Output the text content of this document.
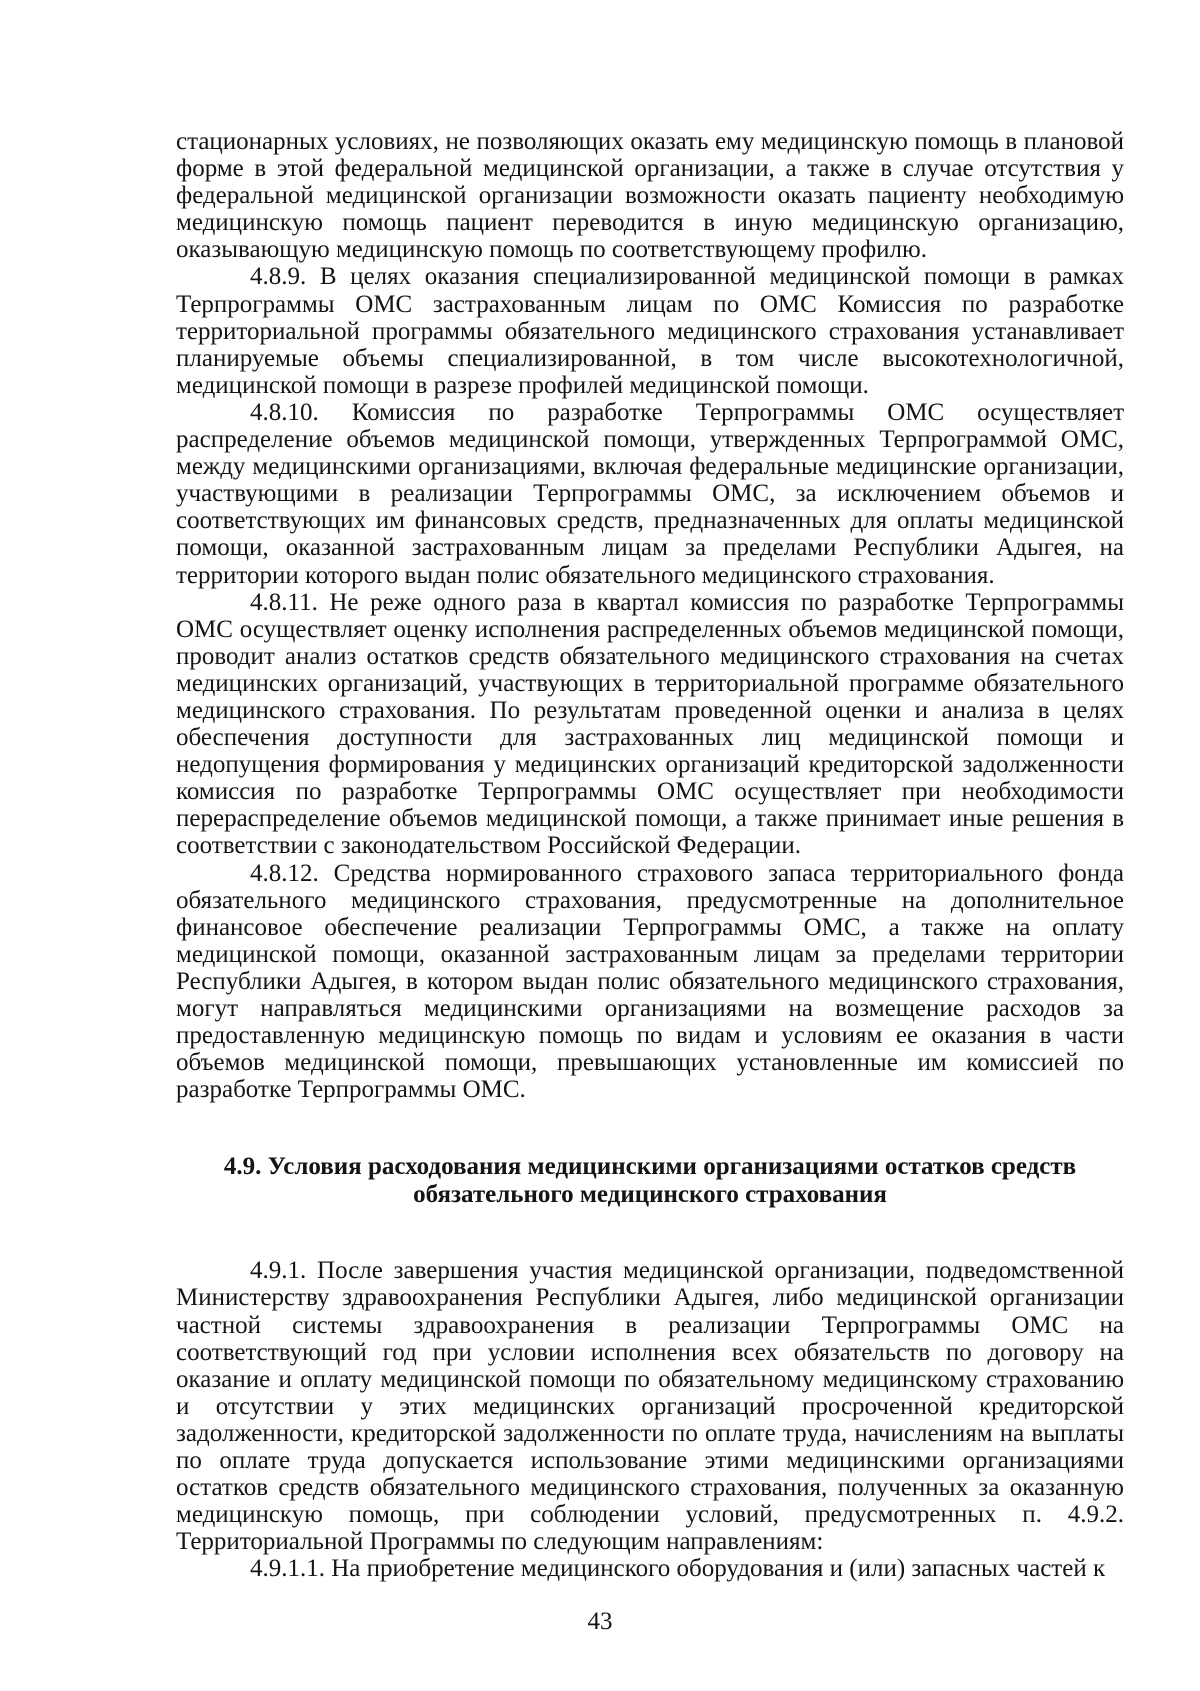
стационарных условиях, не позволяющих оказать ему медицинскую помощь в плановой форме в этой федеральной медицинской организации, а также в случае отсутствия у федеральной медицинской организации возможности оказать пациенту необходимую медицинскую помощь пациент переводится в иную медицинскую организацию, оказывающую медицинскую помощь по соответствующему профилю.

4.8.9. В целях оказания специализированной медицинской помощи в рамках Терпрограммы ОМС застрахованным лицам по ОМС Комиссия по разработке территориальной программы обязательного медицинского страхования устанавливает планируемые объемы специализированной, в том числе высокотехнологичной, медицинской помощи в разрезе профилей медицинской помощи.

4.8.10. Комиссия по разработке Терпрограммы ОМС осуществляет распределение объемов медицинской помощи, утвержденных Терпрограммой ОМС, между медицинскими организациями, включая федеральные медицинские организации, участвующими в реализации Терпрограммы ОМС, за исключением объемов и соответствующих им финансовых средств, предназначенных для оплаты медицинской помощи, оказанной застрахованным лицам за пределами Республики Адыгея, на территории которого выдан полис обязательного медицинского страхования.

4.8.11. Не реже одного раза в квартал комиссия по разработке Терпрограммы ОМС осуществляет оценку исполнения распределенных объемов медицинской помощи, проводит анализ остатков средств обязательного медицинского страхования на счетах медицинских организаций, участвующих в территориальной программе обязательного медицинского страхования. По результатам проведенной оценки и анализа в целях обеспечения доступности для застрахованных лиц медицинской помощи и недопущения формирования у медицинских организаций кредиторской задолженности комиссия по разработке Терпрограммы ОМС осуществляет при необходимости перераспределение объемов медицинской помощи, а также принимает иные решения в соответствии с законодательством Российской Федерации.

4.8.12. Средства нормированного страхового запаса территориального фонда обязательного медицинского страхования, предусмотренные на дополнительное финансовое обеспечение реализации Терпрограммы ОМС, а также на оплату медицинской помощи, оказанной застрахованным лицам за пределами территории Республики Адыгея, в котором выдан полис обязательного медицинского страхования, могут направляться медицинскими организациями на возмещение расходов за предоставленную медицинскую помощь по видам и условиям ее оказания в части объемов медицинской помощи, превышающих установленные им комиссией по разработке Терпрограммы ОМС.

4.9. Условия расходования медицинскими организациями остатков средств
обязательного медицинского страхования

4.9.1. После завершения участия медицинской организации, подведомственной Министерству здравоохранения Республики Адыгея, либо медицинской организации частной системы здравоохранения в реализации Терпрограммы ОМС на соответствующий год при условии исполнения всех обязательств по договору на оказание и оплату медицинской помощи по обязательному медицинскому страхованию и отсутствии у этих медицинских организаций просроченной кредиторской задолженности, кредиторской задолженности по оплате труда, начислениям на выплаты по оплате труда допускается использование этими медицинскими организациями остатков средств обязательного медицинского страхования, полученных за оказанную медицинскую помощь, при соблюдении условий, предусмотренных п. 4.9.2. Территориальной Программы по следующим направлениям:

4.9.1.1. На приобретение медицинского оборудования и (или) запасных частей к

43
